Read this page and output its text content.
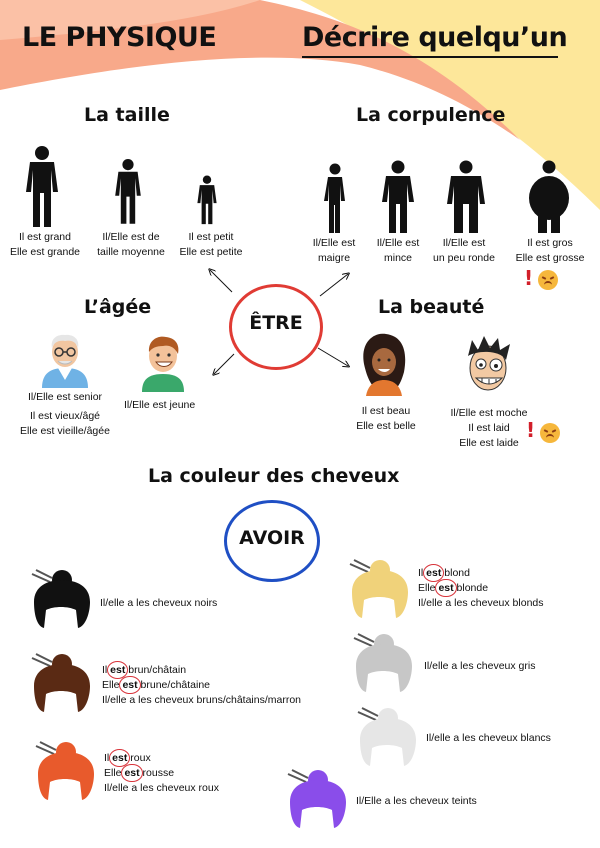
LE PHYSIQUE	Décrire quelqu’un
La taille	La corpulence
L’âgée	La beauté
La couleur des cheveux
Il est grand
Elle est grande
Il/Elle est de
taille moyenne
Il est petit
Elle est petite
Il/Elle est
maigre
Il/Elle est
mince
Il/Elle est
un peu ronde
Il est gros
Elle est grosse
!
ÊTRE
Il/Elle est senior
Il est vieux/âgé
Elle est vieille/âgée
Il/Elle est jeune	Il est beau
Elle est belle
Il/Elle est moche
Il est laid
Elle est laide
!
AVOIR
Il/elle a les cheveux noirs
Il est brun/châtain
Elle est brune/châtaine
Il/elle a les cheveux bruns/châtains/marron
Il est roux
Elle est rousse
Il/elle a les cheveux roux
Il est blond
Elle est blonde
Il/elle a les cheveux blonds
Il/elle a les cheveux gris
Il/elle a les cheveux blancs
Il/Elle a les cheveux teints
